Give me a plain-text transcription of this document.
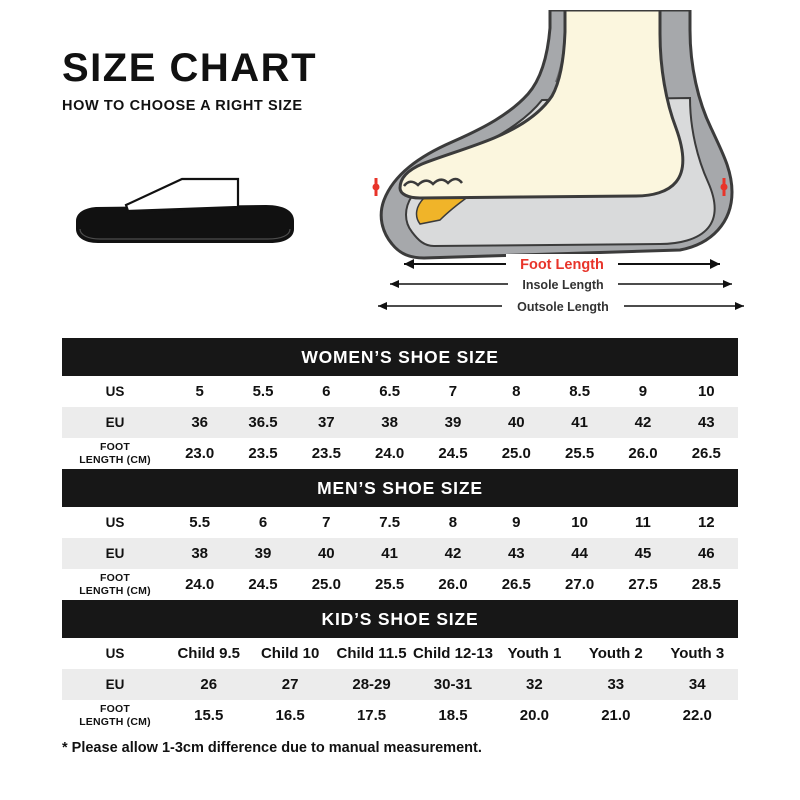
SIZE CHART
HOW TO CHOOSE A RIGHT SIZE
Foot Length
Insole Length
Outsole Length
WOMEN’S SHOE SIZE
US	5	5.5	6	6.5	7	8	8.5	9	10
EU	36	36.5	37	38	39	40	41	42	43

FOOT
LENGTH (CM)	23.0	23.5	23.5	24.0	24.5	25.0	25.5	26.0	26.5
MEN’S SHOE SIZE
US	5.5	6	7	7.5	8	9	10	11	12
EU	38	39	40	41	42	43	44	45	46

FOOT
LENGTH (CM)	24.0	24.5	25.0	25.5	26.0	26.5	27.0	27.5	28.5
KID’S SHOE SIZE
US	Child 9.5	Child 10	Child 11.5	Child 12-13	Youth 1	Youth 2	Youth 3
EU	26	27	28-29	30-31	32	33	34

FOOT
LENGTH (CM)	15.5	16.5	17.5	18.5	20.0	21.0	22.0
* Please allow 1-3cm difference due to manual measurement.
